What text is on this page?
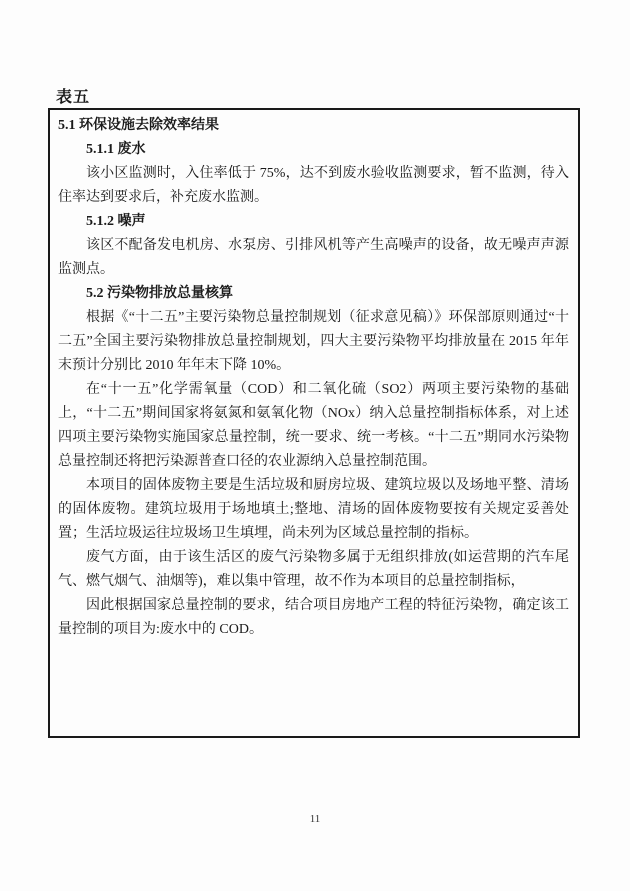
表五

5.1 环保设施去除效率结果

5.1.1 废水

该小区监测时，入住率低于 75%，达不到废水验收监测要求，暂不监测，待入住率达到要求后，补充废水监测。

5.1.2 噪声

该区不配备发电机房、水泵房、引排风机等产生高噪声的设备，故无噪声声源监测点。

5.2 污染物排放总量核算

根据《“十二五”主要污染物总量控制规划（征求意见稿）》环保部原则通过“十二五”全国主要污染物排放总量控制规划，四大主要污染物平均排放量在 2015 年年末预计分别比 2010 年年末下降 10%。

在“十一五”化学需氧量（COD）和二氧化硫（SO2）两项主要污染物的基础上，“十二五”期间国家将氨氮和氨氧化物（NOx）纳入总量控制指标体系，对上述四项主要污染物实施国家总量控制，统一要求、统一考核。“十二五”期同水污染物总量控制还将把污染源普查口径的农业源纳入总量控制范围。

本项目的固体废物主要是生活垃圾和厨房垃圾、建筑垃圾以及场地平整、清场的固体废物。建筑垃圾用于场地填土;整地、清场的固体废物要按有关规定妥善处置；生活垃圾运往垃圾场卫生填埋，尚未列为区域总量控制的指标。

废气方面，由于该生活区的废气污染物多属于无组织排放(如运营期的汽车尾气、燃气烟气、油烟等)，难以集中管理，故不作为本项目的总量控制指标，

因此根据国家总量控制的要求，结合项目房地产工程的特征污染物，确定该工量控制的项目为:废水中的 COD。

11
